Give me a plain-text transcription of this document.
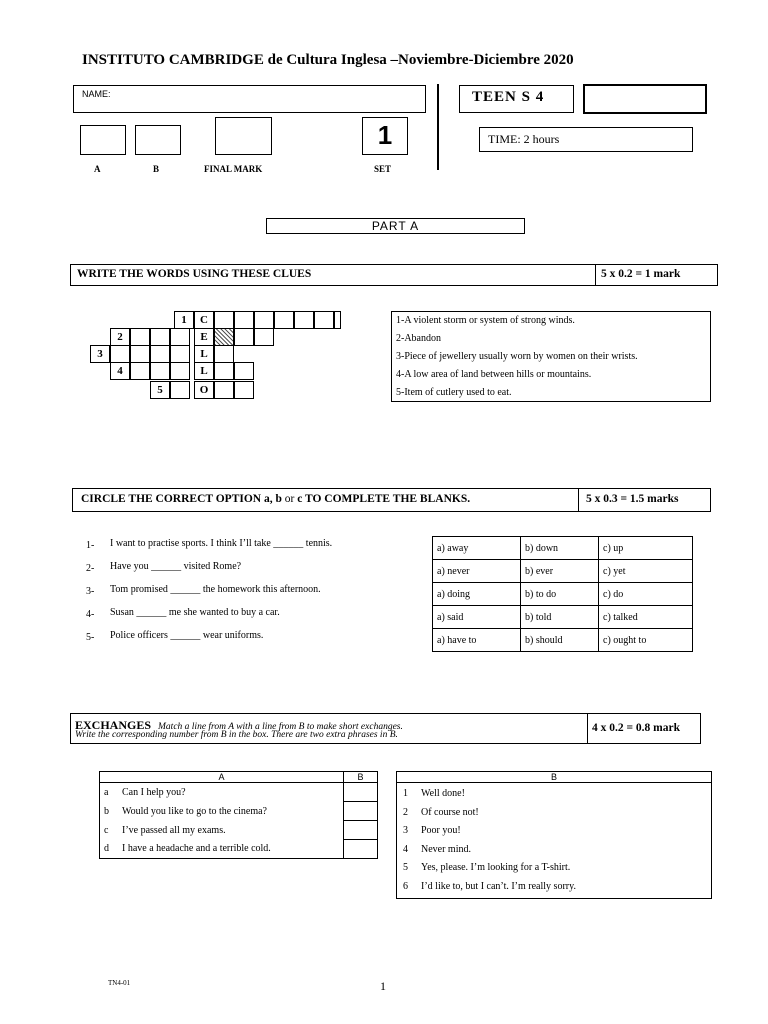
INSTITUTO CAMBRIDGE de Cultura Inglesa –Noviembre-Diciembre 2020
NAME:	TEEN S 4
1
A	B	FINAL MARK	SET
TIME: 2 hours
PART A
WRITE THE WORDS USING THESE CLUES	5 x 0.2 = 1 mark
1	C
2	E
3	L
4	L
5	O
1-A violent storm or system of strong winds.
2-Abandon
3-Piece of jewellery usually worn by women on their wrists.
4-A low area of land between hills or mountains.
5-Item of cutlery used to eat.
CIRCLE THE CORRECT OPTION a, b or c TO COMPLETE THE BLANKS.	5 x 0.3 = 1.5 marks
1- I want to practise sports. I think I’ll take ______ tennis.
2- Have you ______ visited Rome?
3- Tom promised ______ the homework this afternoon.
4- Susan ______ me she wanted to buy a car.
5- Police officers ______ wear uniforms.
a) away	b) down	c) up
a) never	b) ever	c) yet
a) doing	b) to do	c) do
a) said	b) told	c) talked
a) have to	b) should	c) ought to
EXCHANGES Match a line from A with a line from B to make short exchanges.
Write the corresponding number from B in the box. There are two extra phrases in B.
4 x 0.2 = 0.8 mark
A	B
a Can I help you?	
b Would you like to go to the cinema?	
c I’ve passed all my exams.	
d I have a headache and a terrible cold.	
B

1 Well done!
2 Of course not!
3 Poor you!
4 Never mind.
5 Yes, please. I’m looking for a T-shirt.
6 I’d like to, but I can’t. I’m really sorry.
TN4-01	1
